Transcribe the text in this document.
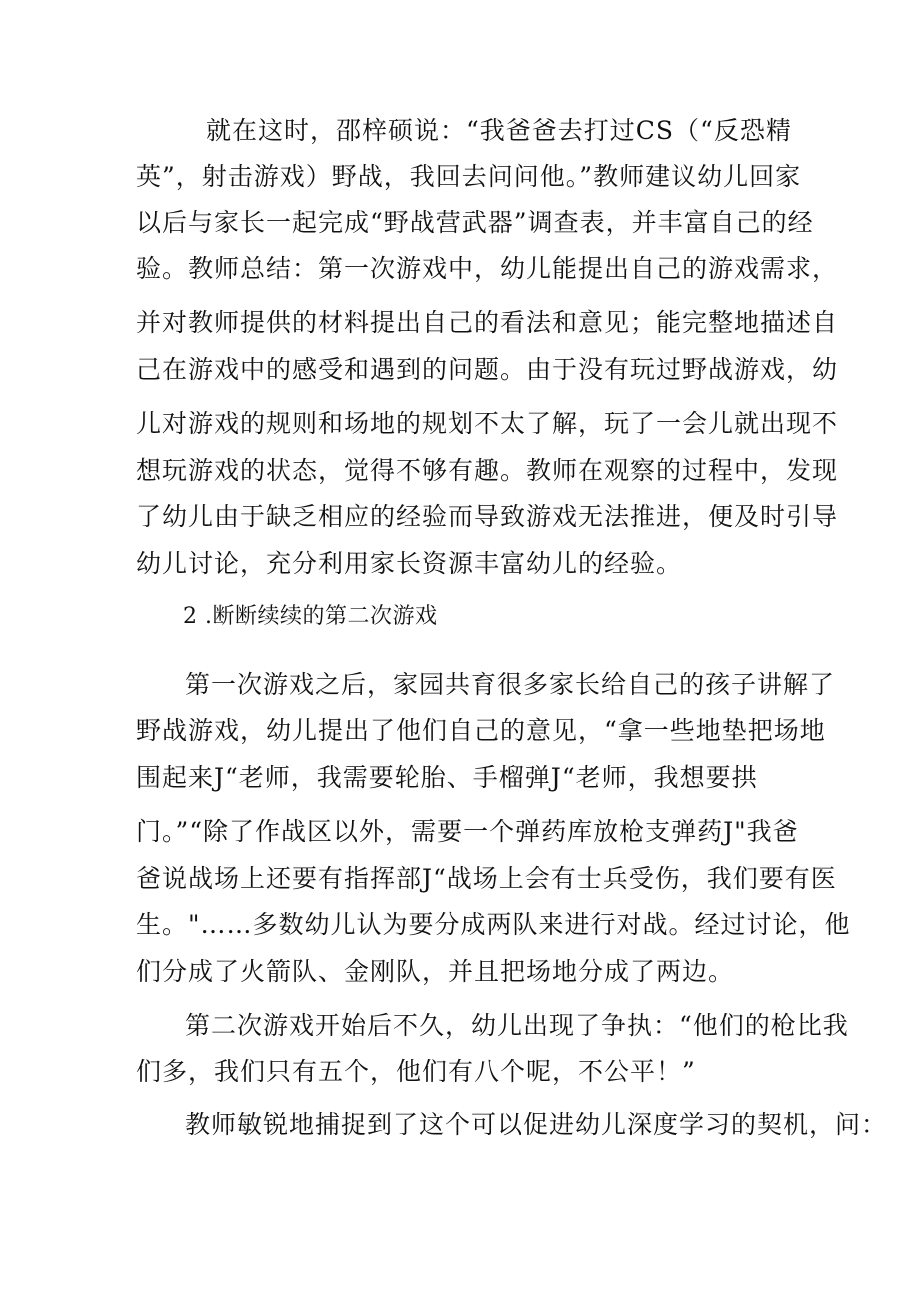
就在这时，邵梓硕说：“我爸爸去打过CS（“反恐精
英”，射击游戏）野战，我回去问问他。”教师建议幼儿回家
以后与家长一起完成“野战营武器”调查表，并丰富自己的经
验。教师总结：第一次游戏中，幼儿能提出自己的游戏需求，
并对教师提供的材料提出自己的看法和意见；能完整地描述自
己在游戏中的感受和遇到的问题。由于没有玩过野战游戏，幼
儿对游戏的规则和场地的规划不太了解，玩了一会儿就出现不
想玩游戏的状态，觉得不够有趣。教师在观察的过程中，发现
了幼儿由于缺乏相应的经验而导致游戏无法推进，便及时引导
幼儿讨论，充分利用家长资源丰富幼儿的经验。
2 .断断续续的第二次游戏
第一次游戏之后，家园共育很多家长给自己的孩子讲解了
野战游戏，幼儿提出了他们自己的意见，“拿一些地垫把场地
围起来J“老师，我需要轮胎、手榴弹J“老师，我想要拱
门。”“除了作战区以外，需要一个弹药库放枪支弹药J"我爸
爸说战场上还要有指挥部J“战场上会有士兵受伤，我们要有医
生。"……多数幼儿认为要分成两队来进行对战。经过讨论，他
们分成了火箭队、金刚队，并且把场地分成了两边。
第二次游戏开始后不久，幼儿出现了争执：“他们的枪比我
们多，我们只有五个，他们有八个呢，不公平！”
教师敏锐地捕捉到了这个可以促进幼儿深度学习的契机，问：
